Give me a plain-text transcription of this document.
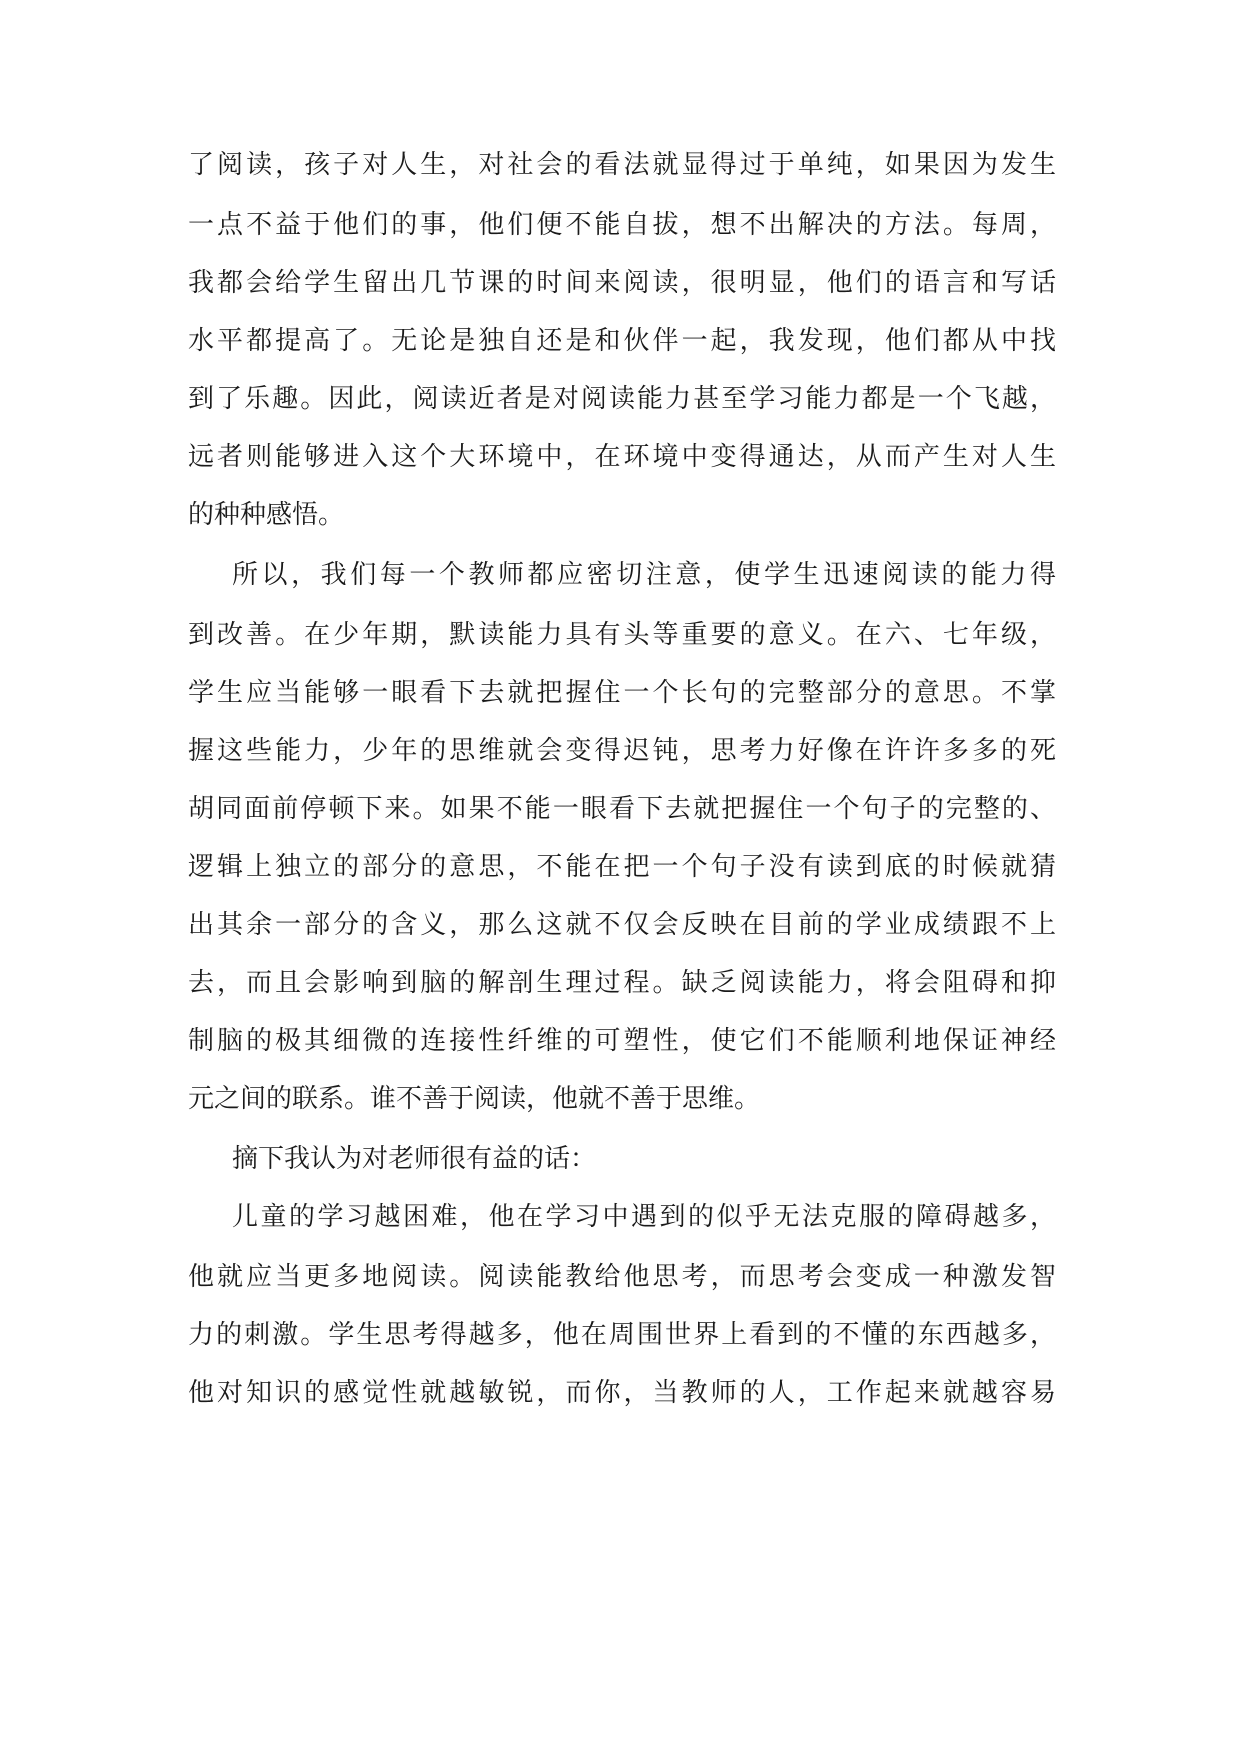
了阅读，孩子对人生，对社会的看法就显得过于单纯，如果因为发生
一点不益于他们的事，他们便不能自拔，想不出解决的方法。每周，
我都会给学生留出几节课的时间来阅读，很明显，他们的语言和写话
水平都提高了。无论是独自还是和伙伴一起，我发现，他们都从中找
到了乐趣。因此，阅读近者是对阅读能力甚至学习能力都是一个飞越，
远者则能够进入这个大环境中，在环境中变得通达，从而产生对人生
的种种感悟。
所以，我们每一个教师都应密切注意，使学生迅速阅读的能力得
到改善。在少年期，默读能力具有头等重要的意义。在六、七年级，
学生应当能够一眼看下去就把握住一个长句的完整部分的意思。不掌
握这些能力，少年的思维就会变得迟钝，思考力好像在许许多多的死
胡同面前停顿下来。如果不能一眼看下去就把握住一个句子的完整的、
逻辑上独立的部分的意思，不能在把一个句子没有读到底的时候就猜
出其余一部分的含义，那么这就不仅会反映在目前的学业成绩跟不上
去，而且会影响到脑的解剖生理过程。缺乏阅读能力，将会阻碍和抑
制脑的极其细微的连接性纤维的可塑性，使它们不能顺利地保证神经
元之间的联系。谁不善于阅读，他就不善于思维。
摘下我认为对老师很有益的话：
儿童的学习越困难，他在学习中遇到的似乎无法克服的障碍越多，
他就应当更多地阅读。阅读能教给他思考，而思考会变成一种激发智
力的刺激。学生思考得越多，他在周围世界上看到的不懂的东西越多，
他对知识的感觉性就越敏锐，而你，当教师的人，工作起来就越容易
